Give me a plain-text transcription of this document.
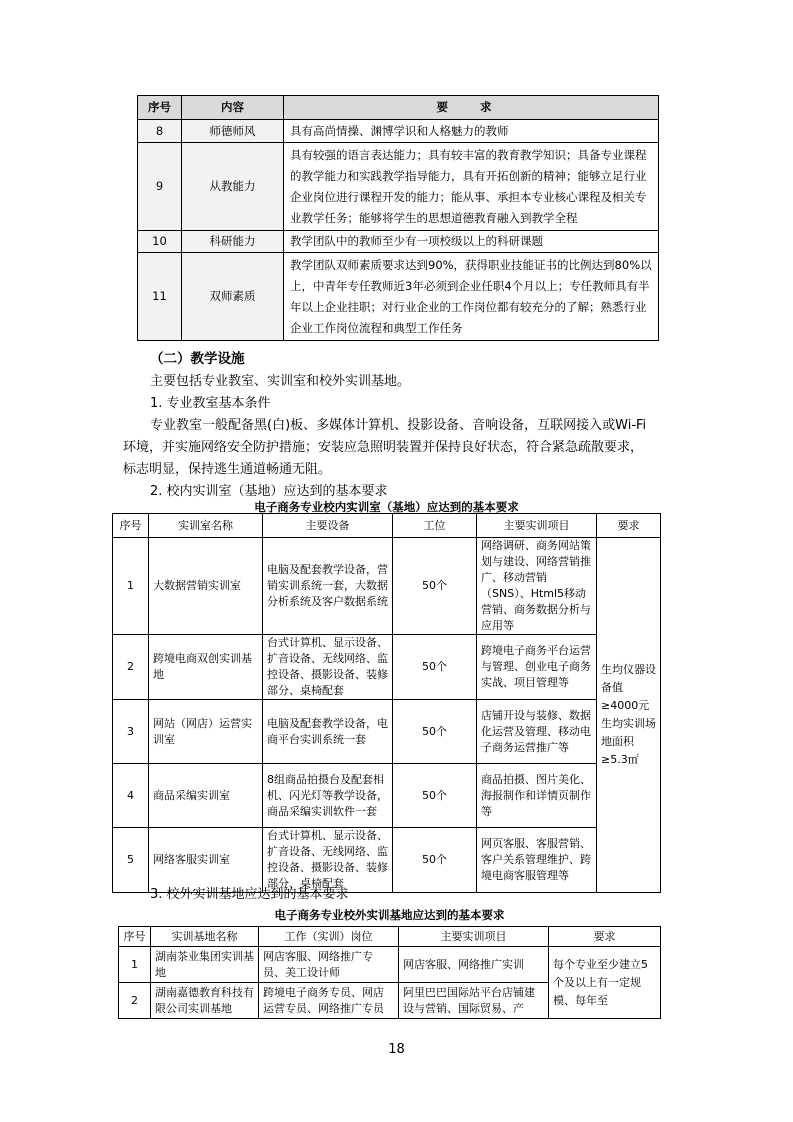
序号	内容	要 求
8	师德师风	具有高尚情操、渊博学识和人格魅力的教师
9	从教能力	具有较强的语言表达能力；具有较丰富的教育教学知识；具备专业课程的教学能力和实践教学指导能力，具有开拓创新的精神；能够立足行业企业岗位进行课程开发的能力；能从事、承担本专业核心课程及相关专业教学任务；能够将学生的思想道德教育融入到教学全程
10	科研能力	教学团队中的教师至少有一项校级以上的科研课题
11	双师素质	教学团队双师素质要求达到90%，获得职业技能证书的比例达到80%以上，中青年专任教师近3年必须到企业任职4个月以上；专任教师具有半年以上企业挂职；对行业企业的工作岗位都有较充分的了解；熟悉行业企业工作岗位流程和典型工作任务
（二）教学设施
主要包括专业教室、实训室和校外实训基地。
1. 专业教室基本条件
专业教室一般配备黑(白)板、多媒体计算机、投影设备、音响设备，互联网接入或Wi-Fi
环境，并实施网络安全防护措施；安装应急照明装置并保持良好状态，符合紧急疏散要求，
标志明显，保持逃生通道畅通无阻。
2. 校内实训室（基地）应达到的基本要求
电子商务专业校内实训室（基地）应达到的基本要求
序号	实训室名称	主要设备	工位	主要实训项目	要求
1	大数据营销实训室	电脑及配套教学设备，营销实训系统一套，大数据分析系统及客户数据系统	50个	网络调研、商务网站策划与建设、网络营销推广、移动营销（SNS）、Html5移动营销、商务数据分析与应用等	生均仪器设备值≥4000元 生均实训场地面积≥5.3㎡
2	跨境电商双创实训基地	台式计算机、显示设备、扩音设备、无线网络、监控设备、摄影设备、装修部分、桌椅配套	50个	跨境电子商务平台运营与管理、创业电子商务实战、项目管理等	
3	网站（网店）运营实训室	电脑及配套教学设备，电商平台实训系统一套	50个	店铺开设与装修、数据化运营及管理、移动电子商务运营推广等	
4	商品采编实训室	8组商品拍摄台及配套相机、闪光灯等教学设备，商品采编实训软件一套	50个	商品拍摄、图片美化、海报制作和详情页制作等	
5	网络客服实训室	台式计算机、显示设备、扩音设备、无线网络、监控设备、摄影设备、装修部分、桌椅配套	50个	网页客服、客服营销、客户关系管理维护、跨境电商客服管理等	
3. 校外实训基地应达到的基本要求
电子商务专业校外实训基地应达到的基本要求
序号	实训基地名称	工作（实训）岗位	主要实训项目	要求
1	湖南茶业集团实训基地	网店客服、网络推广专员、美工设计师	网店客服、网络推广实训	每个专业至少建立5个及以上有一定规模、每年至
2	湖南嘉德教育科技有限公司实训基地	跨境电子商务专员、网店运营专员、网络推广专员	阿里巴巴国际站平台店铺建设与营销、国际贸易、产	
18
